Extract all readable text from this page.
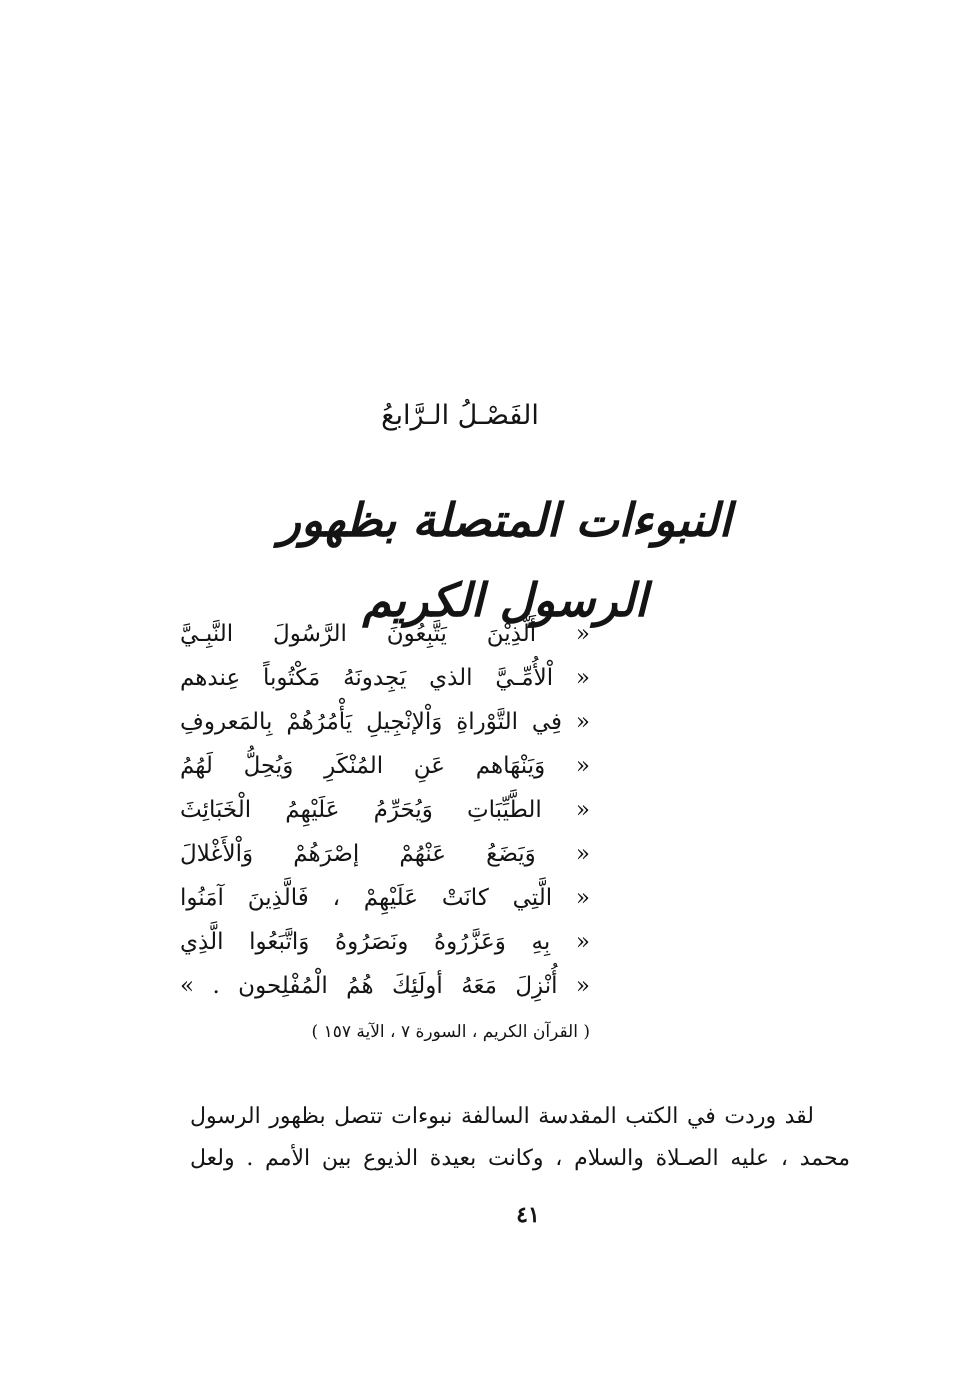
الفَصْـلُ الـرَّابعُ
النبوءات المتصلة بظهور الرسول الكريم
« أَلَّذِيْنَ يَتَّبِعُونَ الرَّسُولَ النَّبِـيَّ
« اْلأُمِّـيَّ الذي يَجِدونَهُ مَكْتُوباً عِندهم
« فِي التَّوْراةِ وَاْلإنْجِيلِ يَأْمُرُهُمْ بِالمَعروفِ
« وَيَنْهَاهم عَنِ المُنْكَرِ وَيُحِلُّ لَهُمُ
« الطَّيِّبَاتِ وَيُحَرِّمُ عَلَيْهِمُ الْخَبَائِثَ
« وَيَضَعُ عَنْهُمْ إصْرَهُمْ وَاْلأَغْلالَ
« الَّتِي كانَتْ عَلَيْهِمْ ، فَالَّذِينَ آمَنُوا
« بِهِ وَعَزَّرُوهُ ونَصَرُوهُ وَاتَّبَعُوا الَّذِي
« أُنْزِلَ مَعَهُ أولَئِكَ هُمُ الْمُفْلِحون . »
( القرآن الكريم ، السورة ٧ ، الآية ١٥٧ )
لقد وردت في الكتب المقدسة السالفة نبوءات تتصل بظهور الرسول
محمد ، عليه الصـلاة والسلام ، وكانت بعيدة الذيوع بين الأمم . ولعل
٤١
